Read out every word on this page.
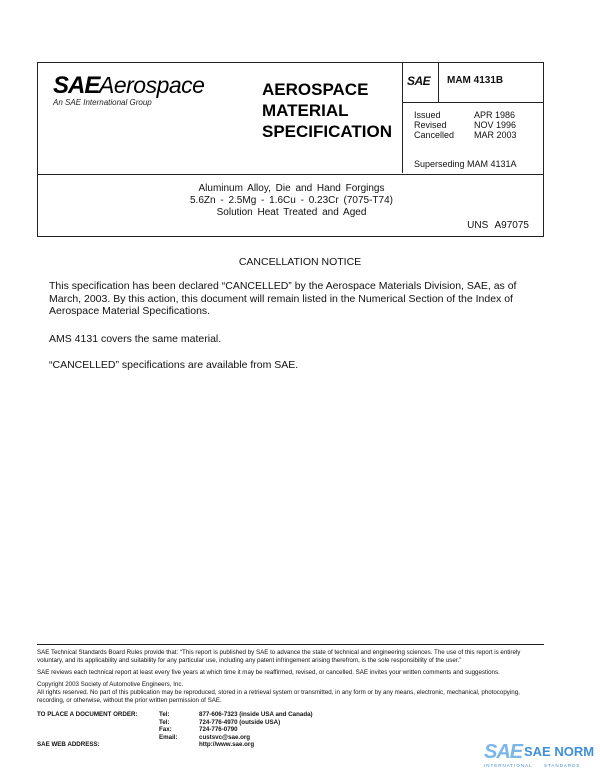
SAE Aerospace
An SAE International Group
AEROSPACE
MATERIAL
SPECIFICATION
SAE MAM 4131B
Issued	APR 1986
Revised	NOV 1996
Cancelled	MAR 2003
Superseding MAM 4131A
Aluminum Alloy, Die and Hand Forgings
5.6Zn - 2.5Mg - 1.6Cu - 0.23Cr (7075-T74)
Solution Heat Treated and Aged
UNS A97075
CANCELLATION NOTICE
This specification has been declared “CANCELLED” by the Aerospace Materials Division, SAE, as of March, 2003. By this action, this document will remain listed in the Numerical Section of the Index of Aerospace Material Specifications.
AMS 4131 covers the same material.
“CANCELLED” specifications are available from SAE.
SAE Technical Standards Board Rules provide that: “This report is published by SAE to advance the state of technical and engineering sciences. The use of this report is entirely voluntary, and its applicability and suitability for any particular use, including any patent infringement arising therefrom, is the sole responsibility of the user.”
SAE reviews each technical report at least every five years at which time it may be reaffirmed, revised, or cancelled. SAE invites your written comments and suggestions.
Copyright 2003 Society of Automotive Engineers, Inc.
All rights reserved. No part of this publication may be reproduced, stored in a retrieval system or transmitted, in any form or by any means, electronic, mechanical, photocopying, recording, or otherwise, without the prior written permission of SAE.
TO PLACE A DOCUMENT ORDER:	Tel:	877-606-7323 (inside USA and Canada)
Tel:	724-776-4970 (outside USA)
Fax:	724-776-0790
Email:	custsvc@sae.org
SAE WEB ADDRESS:	http://www.sae.org	SAE SAE NORM
INTERNATIONAL	STANDARDS
